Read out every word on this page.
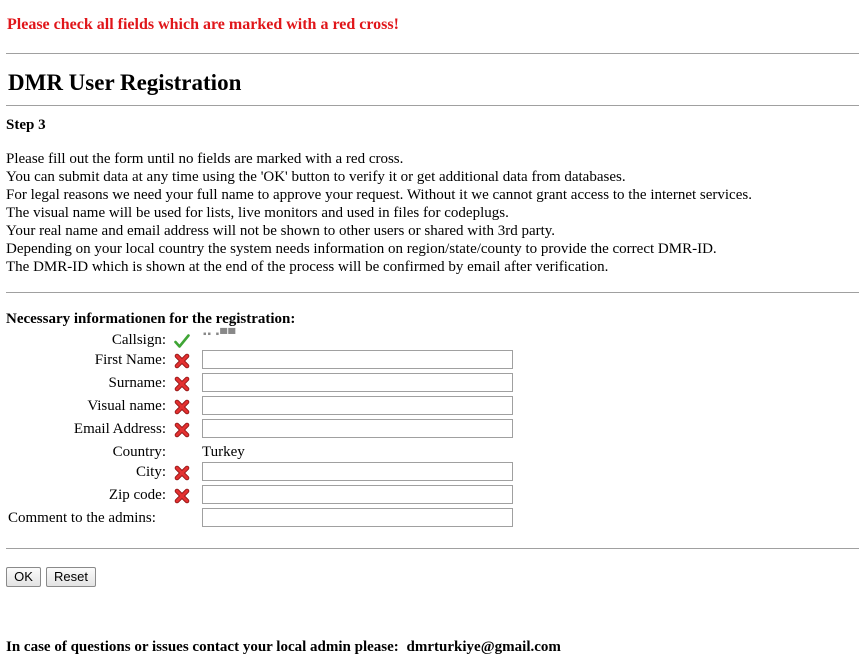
Please check all fields which are marked with a red cross!
DMR User Registration
Step 3
Please fill out the form until no fields are marked with a red cross.
You can submit data at any time using the 'OK' button to verify it or get additional data from databases.
For legal reasons we need your full name to approve your request. Without it we cannot grant access to the internet services.
The visual name will be used for lists, live monitors and used in files for codeplugs.
Your real name and email address will not be shown to other users or shared with 3rd party.
Depending on your local country the system needs information on region/state/county to provide the correct DMR-ID.
The DMR-ID which is shown at the end of the process will be confirmed by email after verification.
Necessary informationen for the registration:
Callsign:	▪▪ ▪▀▀
First Name:
Surname:
Visual name:
Email Address:
Country: Turkey
City:
Zip code:
Comment to the admins:
OK	Reset
In case of questions or issues contact your local admin please: dmrturkiye@gmail.com
